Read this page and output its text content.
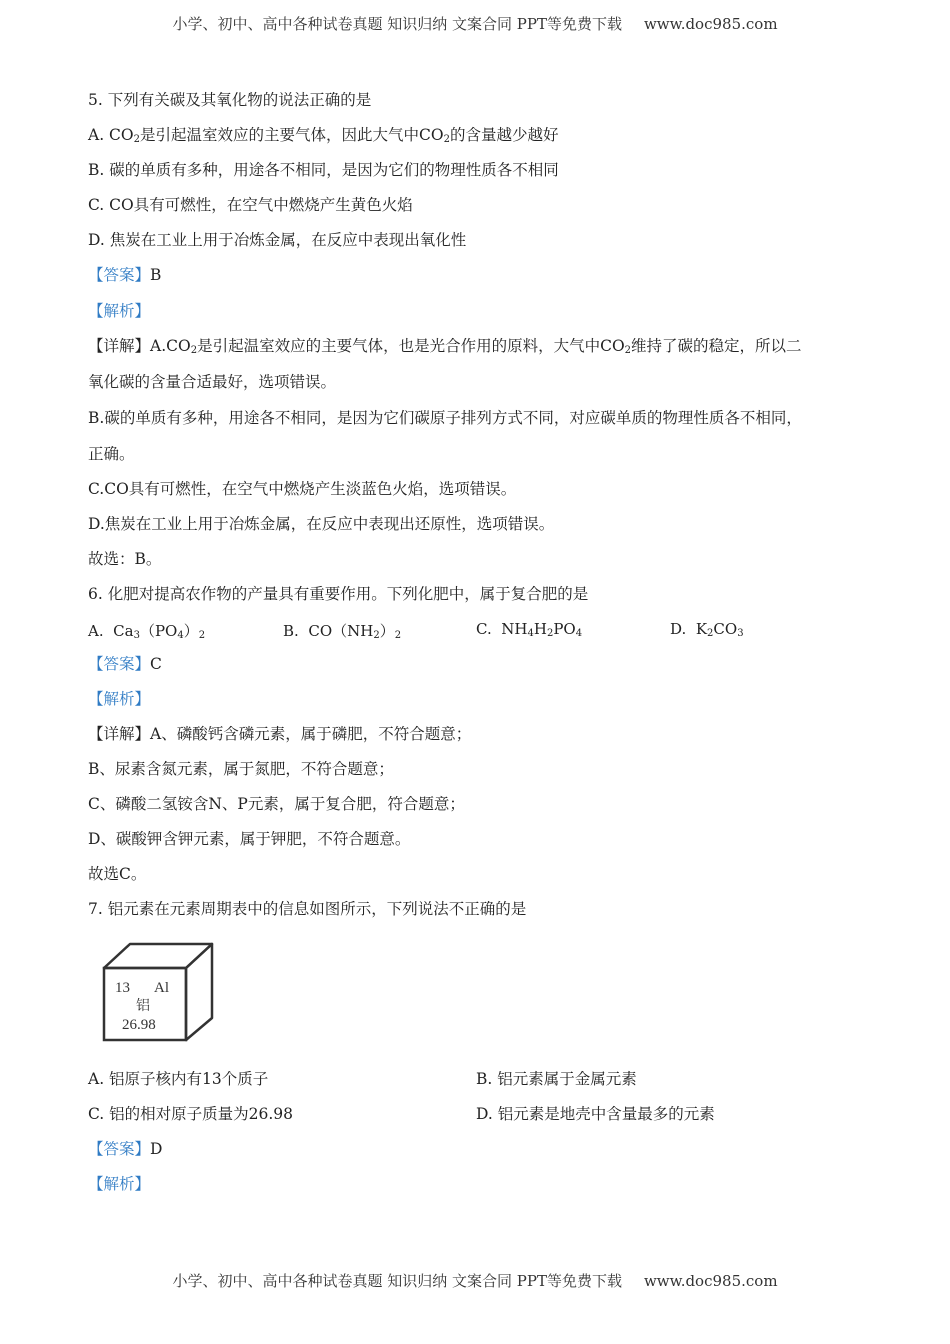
小学、初中、高中各种试卷真题 知识归纳 文案合同 PPT等免费下载 www.doc985.com
5. 下列有关碳及其氧化物的说法正确的是
A. $CO_2$是引起温室效应的主要气体，因此大气中$CO_2$的含量越少越好
B. 碳的单质有多种，用途各不相同，是因为它们的物理性质各不相同
C. CO具有可燃性，在空气中燃烧产生黄色火焰
D. 焦炭在工业上用于冶炼金属，在反应中表现出氧化性
【答案】B
【解析】
【详解】$A.CO_2$是引起温室效应的主要气体，也是光合作用的原料，大气中$CO_2$维持了碳的稳定，所以二
氧化碳的含量合适最好，选项错误。
B.碳的单质有多种，用途各不相同，是因为它们碳原子排列方式不同，对应碳单质的物理性质各不相同，
正确。
C.CO具有可燃性，在空气中燃烧产生淡蓝色火焰，选项错误。
D.焦炭在工业上用于冶炼金属，在反应中表现出还原性，选项错误。
故选：B。
6. 化肥对提高农作物的产量具有重要作用。下列化肥中，属于复合肥的是
A. $Ca_3(PO_4)_2$	B. $CO(NH_2)_2$	C. $NH_4H_2PO_4$	D. $K_2CO_3$
【答案】C
【解析】
【详解】A、磷酸钙含磷元素，属于磷肥，不符合题意；
B、尿素含氮元素，属于氮肥，不符合题意；
C、磷酸二氢铵含N、P元素，属于复合肥，符合题意；
D、碳酸钾含钾元素，属于钾肥，不符合题意。
故选C。
7. 铝元素在元素周期表中的信息如图所示，下列说法不正确的是
13 Al
铝
26.98
A. 铝原子核内有13个质子	B. 铝元素属于金属元素
C. 铝的相对原子质量为26.98	D. 铝元素是地壳中含量最多的元素
【答案】D
【解析】
小学、初中、高中各种试卷真题 知识归纳 文案合同 PPT等免费下载 www.doc985.com
